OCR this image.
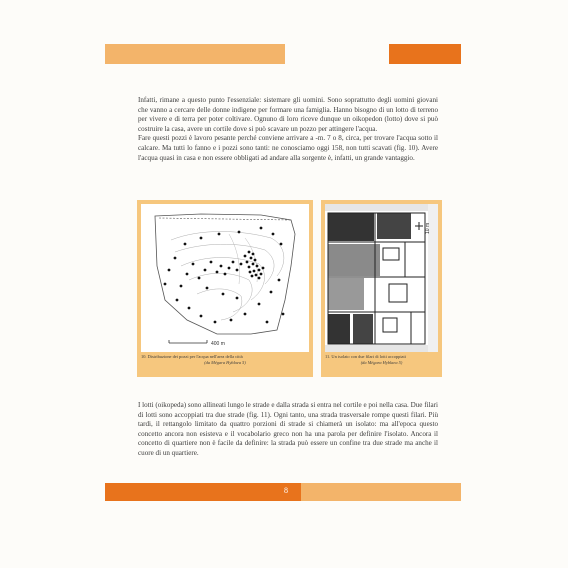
Infatti, rimane a questo punto l'essenziale: sistemare gli uomini. Sono soprattutto degli uomini giovani che vanno a cercare delle donne indigene per formare una famiglia. Hanno bisogno di un lotto di terreno per vivere e di terra per poter coltivare. Ognuno di loro riceve dunque un oikopedon (lotto) dove si può costruire la casa, avere un cortile dove si può scavare un pozzo per attingere l'acqua.

Fare questi pozzi è lavoro pesante perché conviene arrivare a -m. 7 o 8, circa, per trovare l'acqua sotto il calcare. Ma tutti lo fanno e i pozzi sono tanti: ne conosciamo oggi 158, non tutti scavati (fig. 10). Avere l'acqua quasi in casa e non essere obbligati ad andare alla sorgente è, infatti, un grande vantaggio.

400 m
10. Distribuzione dei pozzi per l'acqua nell'area della città
(da Mégara Hyblaea 5)
10 m
11. Un isolato con due filari di lotti accoppiati
(da Mégara Hyblaea 5)

I lotti (oikopeda) sono allineati lungo le strade e dalla strada si entra nel cortile e poi nella casa. Due filari di lotti sono accoppiati tra due strade (fig. 11). Ogni tanto, una strada trasversale rompe questi filari. Più tardi, il rettangolo limitato da quattro porzioni di strade si chiamerà un isolato: ma all'epoca questo concetto ancora non esisteva e il vocabolario greco non ha una parola per definire l'isolato. Ancora il concetto di quartiere non è facile da definire: la strada può essere un confine tra due strade ma anche il cuore di un quartiere.

8
